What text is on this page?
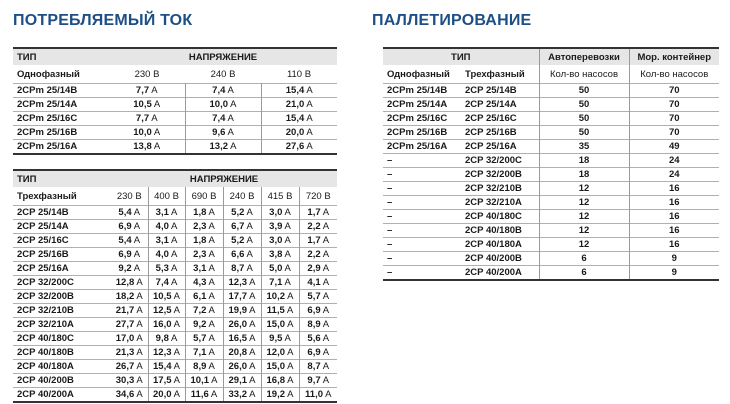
ПОТРЕБЛЯЕМЫЙ ТОК	ПАЛЛЕТИРОВАНИЕ
ТИП	НАПРЯЖЕНИЕ		
Однофазный	230 В	240 В	110 В
2CPm 25/14B	7,7 A	7,4 A	15,4 A
2CPm 25/14A	10,5 A	10,0 A	21,0 A
2CPm 25/16C	7,7 A	7,4 A	15,4 A
2CPm 25/16B	10,0 A	9,6 A	20,0 A
2CPm 25/16A	13,8 A	13,2 A	27,6 A
ТИП	НАПРЯЖЕНИЕ					
Трехфазный	230 В	400 В	690 В	240 В	415 В	720 В
2CP 25/14B	5,4 A	3,1 A	1,8 A	5,2 A	3,0 A	1,7 A
2CP 25/14A	6,9 A	4,0 A	2,3 A	6,7 A	3,9 A	2,2 A
2CP 25/16C	5,4 A	3,1 A	1,8 A	5,2 A	3,0 A	1,7 A
2CP 25/16B	6,9 A	4,0 A	2,3 A	6,6 A	3,8 A	2,2 A
2CP 25/16A	9,2 A	5,3 A	3,1 A	8,7 A	5,0 A	2,9 A
2CP 32/200C	12,8 A	7,4 A	4,3 A	12,3 A	7,1 A	4,1 A
2CP 32/200B	18,2 A	10,5 A	6,1 A	17,7 A	10,2 A	5,7 A
2CP 32/210B	21,7 A	12,5 A	7,2 A	19,9 A	11,5 A	6,9 A
2CP 32/210A	27,7 A	16,0 A	9,2 A	26,0 A	15,0 A	8,9 A
2CP 40/180C	17,0 A	9,8 A	5,7 A	16,5 A	9,5 A	5,6 A
2CP 40/180B	21,3 A	12,3 A	7,1 A	20,8 A	12,0 A	6,9 A
2CP 40/180A	26,7 A	15,4 A	8,9 A	26,0 A	15,0 A	8,7 A
2CP 40/200B	30,3 A	17,5 A	10,1 A	29,1 A	16,8 A	9,7 A
2CP 40/200A	34,6 A	20,0 A	11,6 A	33,2 A	19,2 A	11,0 A
ТИП		Автоперевозки	Мор. контейнер
Однофазный	Трехфазный	Кол-во насосов	Кол-во насосов
2CPm 25/14B	2CP 25/14B	50	70
2CPm 25/14A	2CP 25/14A	50	70
2CPm 25/16C	2CP 25/16C	50	70
2CPm 25/16B	2CP 25/16B	50	70
2CPm 25/16A	2CP 25/16A	35	49
–	2CP 32/200C	18	24
–	2CP 32/200B	18	24
–	2CP 32/210B	12	16
–	2CP 32/210A	12	16
–	2CP 40/180C	12	16
–	2CP 40/180B	12	16
–	2CP 40/180A	12	16
–	2CP 40/200B	6	9
–	2CP 40/200A	6	9
